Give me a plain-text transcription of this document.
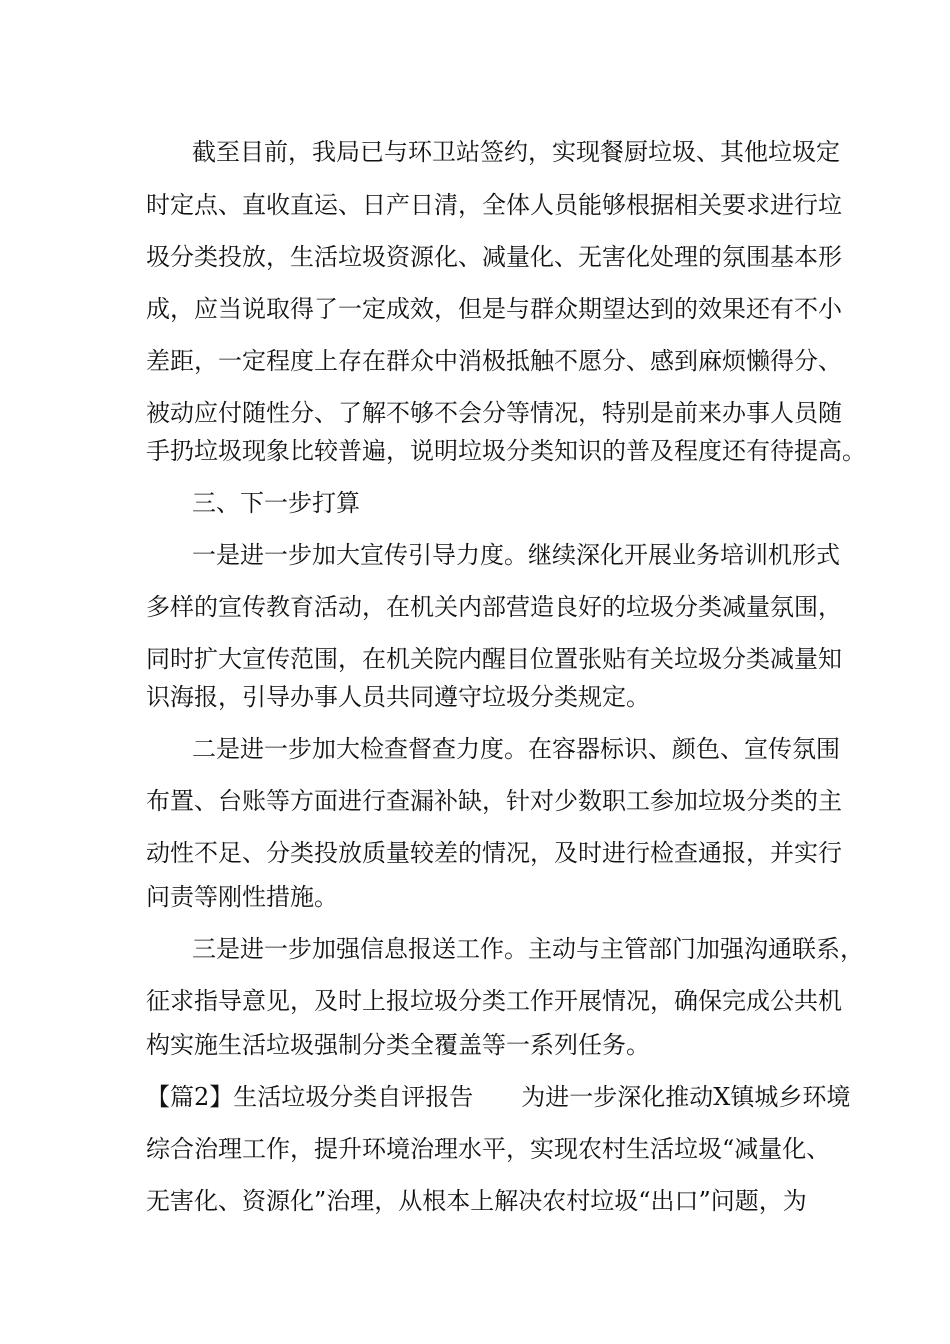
截至目前，我局已与环卫站签约，实现餐厨垃圾、其他垃圾定

时定点、直收直运、日产日清，全体人员能够根据相关要求进行垃

圾分类投放，生活垃圾资源化、减量化、无害化处理的氛围基本形

成，应当说取得了一定成效，但是与群众期望达到的效果还有不小

差距，一定程度上存在群众中消极抵触不愿分、感到麻烦懒得分、

被动应付随性分、了解不够不会分等情况，特别是前来办事人员随

手扔垃圾现象比较普遍，说明垃圾分类知识的普及程度还有待提高。

三、下一步打算

一是进一步加大宣传引导力度。继续深化开展业务培训机形式

多样的宣传教育活动，在机关内部营造良好的垃圾分类减量氛围，

同时扩大宣传范围，在机关院内醒目位置张贴有关垃圾分类减量知

识海报，引导办事人员共同遵守垃圾分类规定。

二是进一步加大检查督查力度。在容器标识、颜色、宣传氛围

布置、台账等方面进行查漏补缺，针对少数职工参加垃圾分类的主

动性不足、分类投放质量较差的情况，及时进行检查通报，并实行

问责等刚性措施。

三是进一步加强信息报送工作。主动与主管部门加强沟通联系，

征求指导意见，及时上报垃圾分类工作开展情况，确保完成公共机

构实施生活垃圾强制分类全覆盖等一系列任务。

【篇2】生活垃圾分类自评报告　　为进一步深化推动X镇城乡环境

综合治理工作，提升环境治理水平，实现农村生活垃圾“减量化、

无害化、资源化”治理，从根本上解决农村垃圾“出口”问题，为
